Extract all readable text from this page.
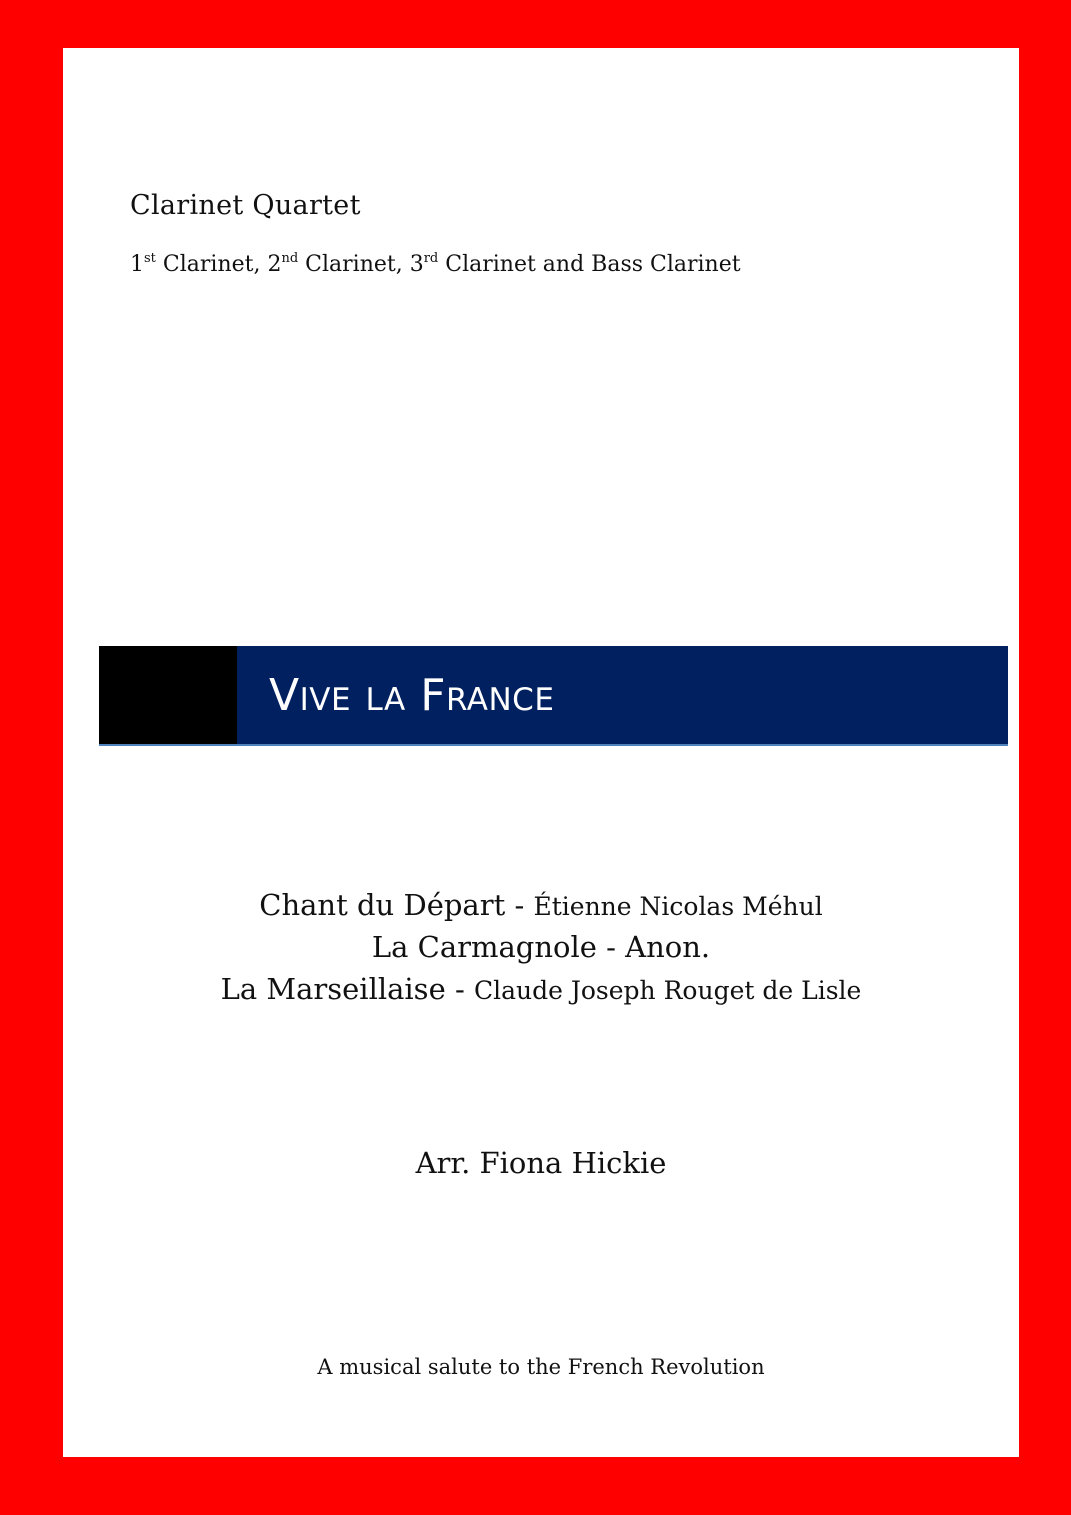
Clarinet Quartet
1st Clarinet, 2nd Clarinet, 3rd Clarinet and Bass Clarinet
Vive la France
Chant du Départ - Étienne Nicolas Méhul
La Carmagnole - Anon.
La Marseillaise - Claude Joseph Rouget de Lisle
Arr. Fiona Hickie
A musical salute to the French Revolution
